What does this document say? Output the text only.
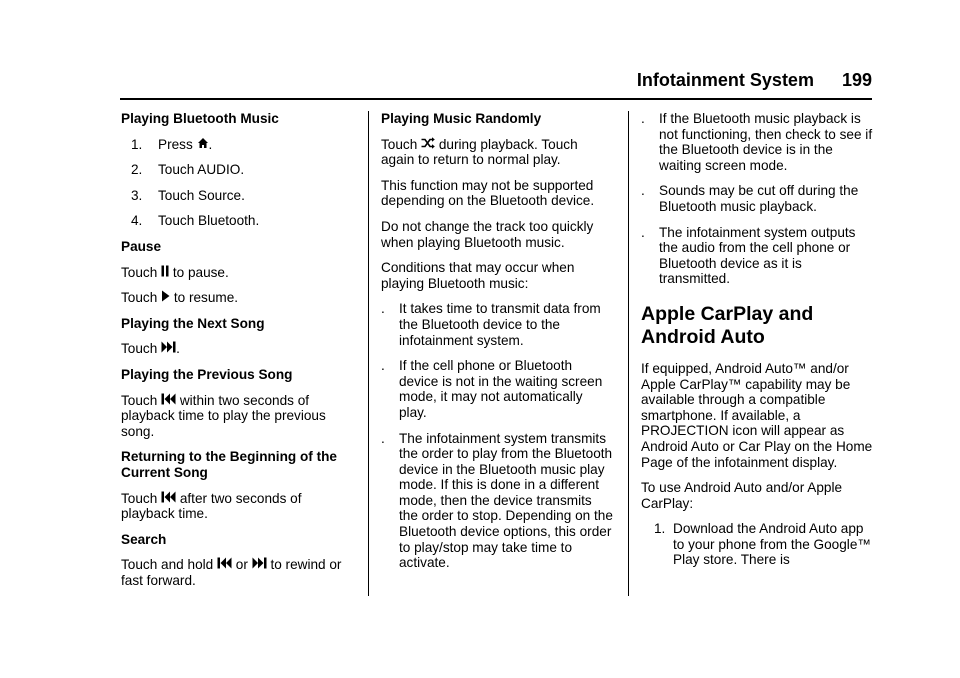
Infotainment System 199
Playing Bluetooth Music
1. Press .
2. Touch AUDIO.
3. Touch Source.
4. Touch Bluetooth.
Pause
Touch to pause.
Touch to resume.
Playing the Next Song
Touch .
Playing the Previous Song
Touch within two seconds of playback time to play the previous song.
Returning to the Beginning of the Current Song
Touch after two seconds of playback time.
Search
Touch and hold or to rewind or fast forward.
Playing Music Randomly
Touch during playback. Touch again to return to normal play.
This function may not be supported depending on the Bluetooth device.
Do not change the track too quickly when playing Bluetooth music.
Conditions that may occur when playing Bluetooth music:
. It takes time to transmit data from the Bluetooth device to the infotainment system.
. If the cell phone or Bluetooth device is not in the waiting screen mode, it may not automatically play.
. The infotainment system transmits the order to play from the Bluetooth device in the Bluetooth music play mode. If this is done in a different mode, then the device transmits the order to stop. Depending on the Bluetooth device options, this order to play/stop may take time to activate.
. If the Bluetooth music playback is not functioning, then check to see if the Bluetooth device is in the waiting screen mode.
. Sounds may be cut off during the Bluetooth music playback.
. The infotainment system outputs the audio from the cell phone or Bluetooth device as it is transmitted.
Apple CarPlay and Android Auto
If equipped, Android Auto™ and/or Apple CarPlay™ capability may be available through a compatible smartphone. If available, a PROJECTION icon will appear as Android Auto or Car Play on the Home Page of the infotainment display.
To use Android Auto and/or Apple CarPlay:
1. Download the Android Auto app to your phone from the Google™ Play store. There is
